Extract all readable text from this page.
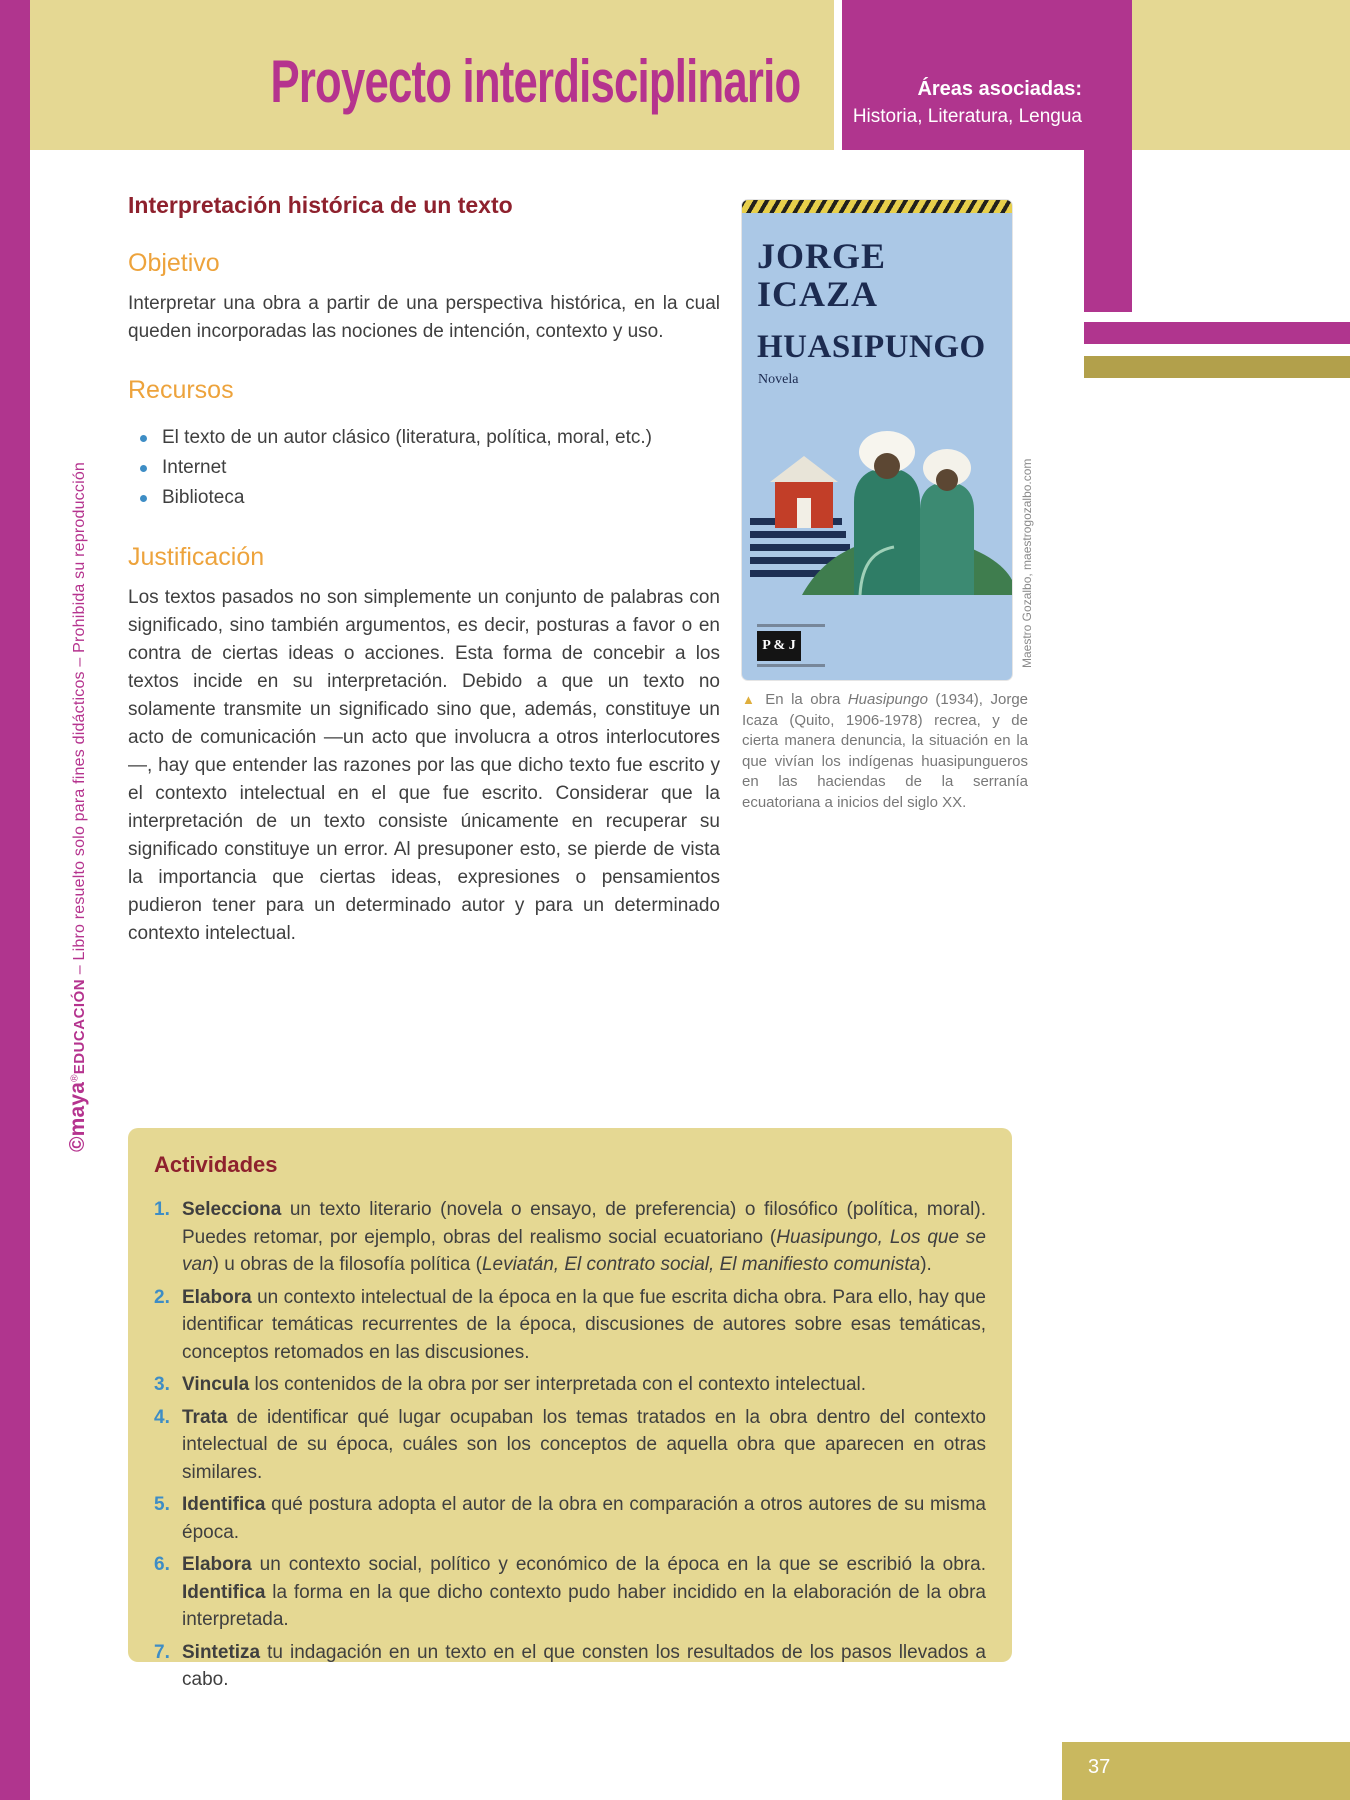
Proyecto interdisciplinario	Áreas asociadas:
Historia, Literatura, Lengua
©maya®EDUCACIÓN – Libro resuelto solo para fines didácticos – Prohibida su reproducción
Interpretación histórica de un texto
Objetivo

Interpretar una obra a partir de una perspectiva histórica, en la cual queden incorporadas las nociones de intención, contexto y uso.

Recursos
El texto de un autor clásico (literatura, política, moral, etc.)
Internet
Biblioteca
Justificación

Los textos pasados no son simplemente un conjunto de palabras con significado, sino también argumentos, es decir, posturas a favor o en contra de ciertas ideas o acciones. Esta forma de concebir a los textos incide en su interpretación. Debido a que un texto no solamente transmite un significado sino que, además, constituye un acto de comunicación —un acto que involucra a otros interlocutores—, hay que entender las razones por las que dicho texto fue escrito y el contexto intelectual en el que fue escrito. Considerar que la interpretación de un texto consiste únicamente en recuperar su significado constituye un error. Al presuponer esto, se pierde de vista la importancia que ciertas ideas, expresiones o pensamientos pudieron tener para un determinado autor y para un determinado contexto intelectual.

JORGE
ICAZA
HUASIPUNGO
Novela
P & J	Maestro Gozalbo, maestrogozalbo.com
▲ En la obra Huasipungo (1934), Jorge Icaza (Quito, 1906-1978) recrea, y de cierta manera denuncia, la situación en la que vivían los indígenas huasipungueros en las haciendas de la serranía ecuatoriana a inicios del siglo XX.
Actividades
1. Selecciona un texto literario (novela o ensayo, de preferencia) o filosófico (política, moral). Puedes retomar, por ejemplo, obras del realismo social ecuatoriano (Huasipungo, Los que se van) u obras de la filosofía política (Leviatán, El contrato social, El manifiesto comunista).
2. Elabora un contexto intelectual de la época en la que fue escrita dicha obra. Para ello, hay que identificar temáticas recurrentes de la época, discusiones de autores sobre esas temáticas, conceptos retomados en las discusiones.
3. Vincula los contenidos de la obra por ser interpretada con el contexto intelectual.
4. Trata de identificar qué lugar ocupaban los temas tratados en la obra dentro del contexto intelectual de su época, cuáles son los conceptos de aquella obra que aparecen en otras similares.
5. Identifica qué postura adopta el autor de la obra en comparación a otros autores de su misma época.
6. Elabora un contexto social, político y económico de la época en la que se escribió la obra. Identifica la forma en la que dicho contexto pudo haber incidido en la elaboración de la obra interpretada.
7. Sintetiza tu indagación en un texto en el que consten los resultados de los pasos llevados a cabo.
37
